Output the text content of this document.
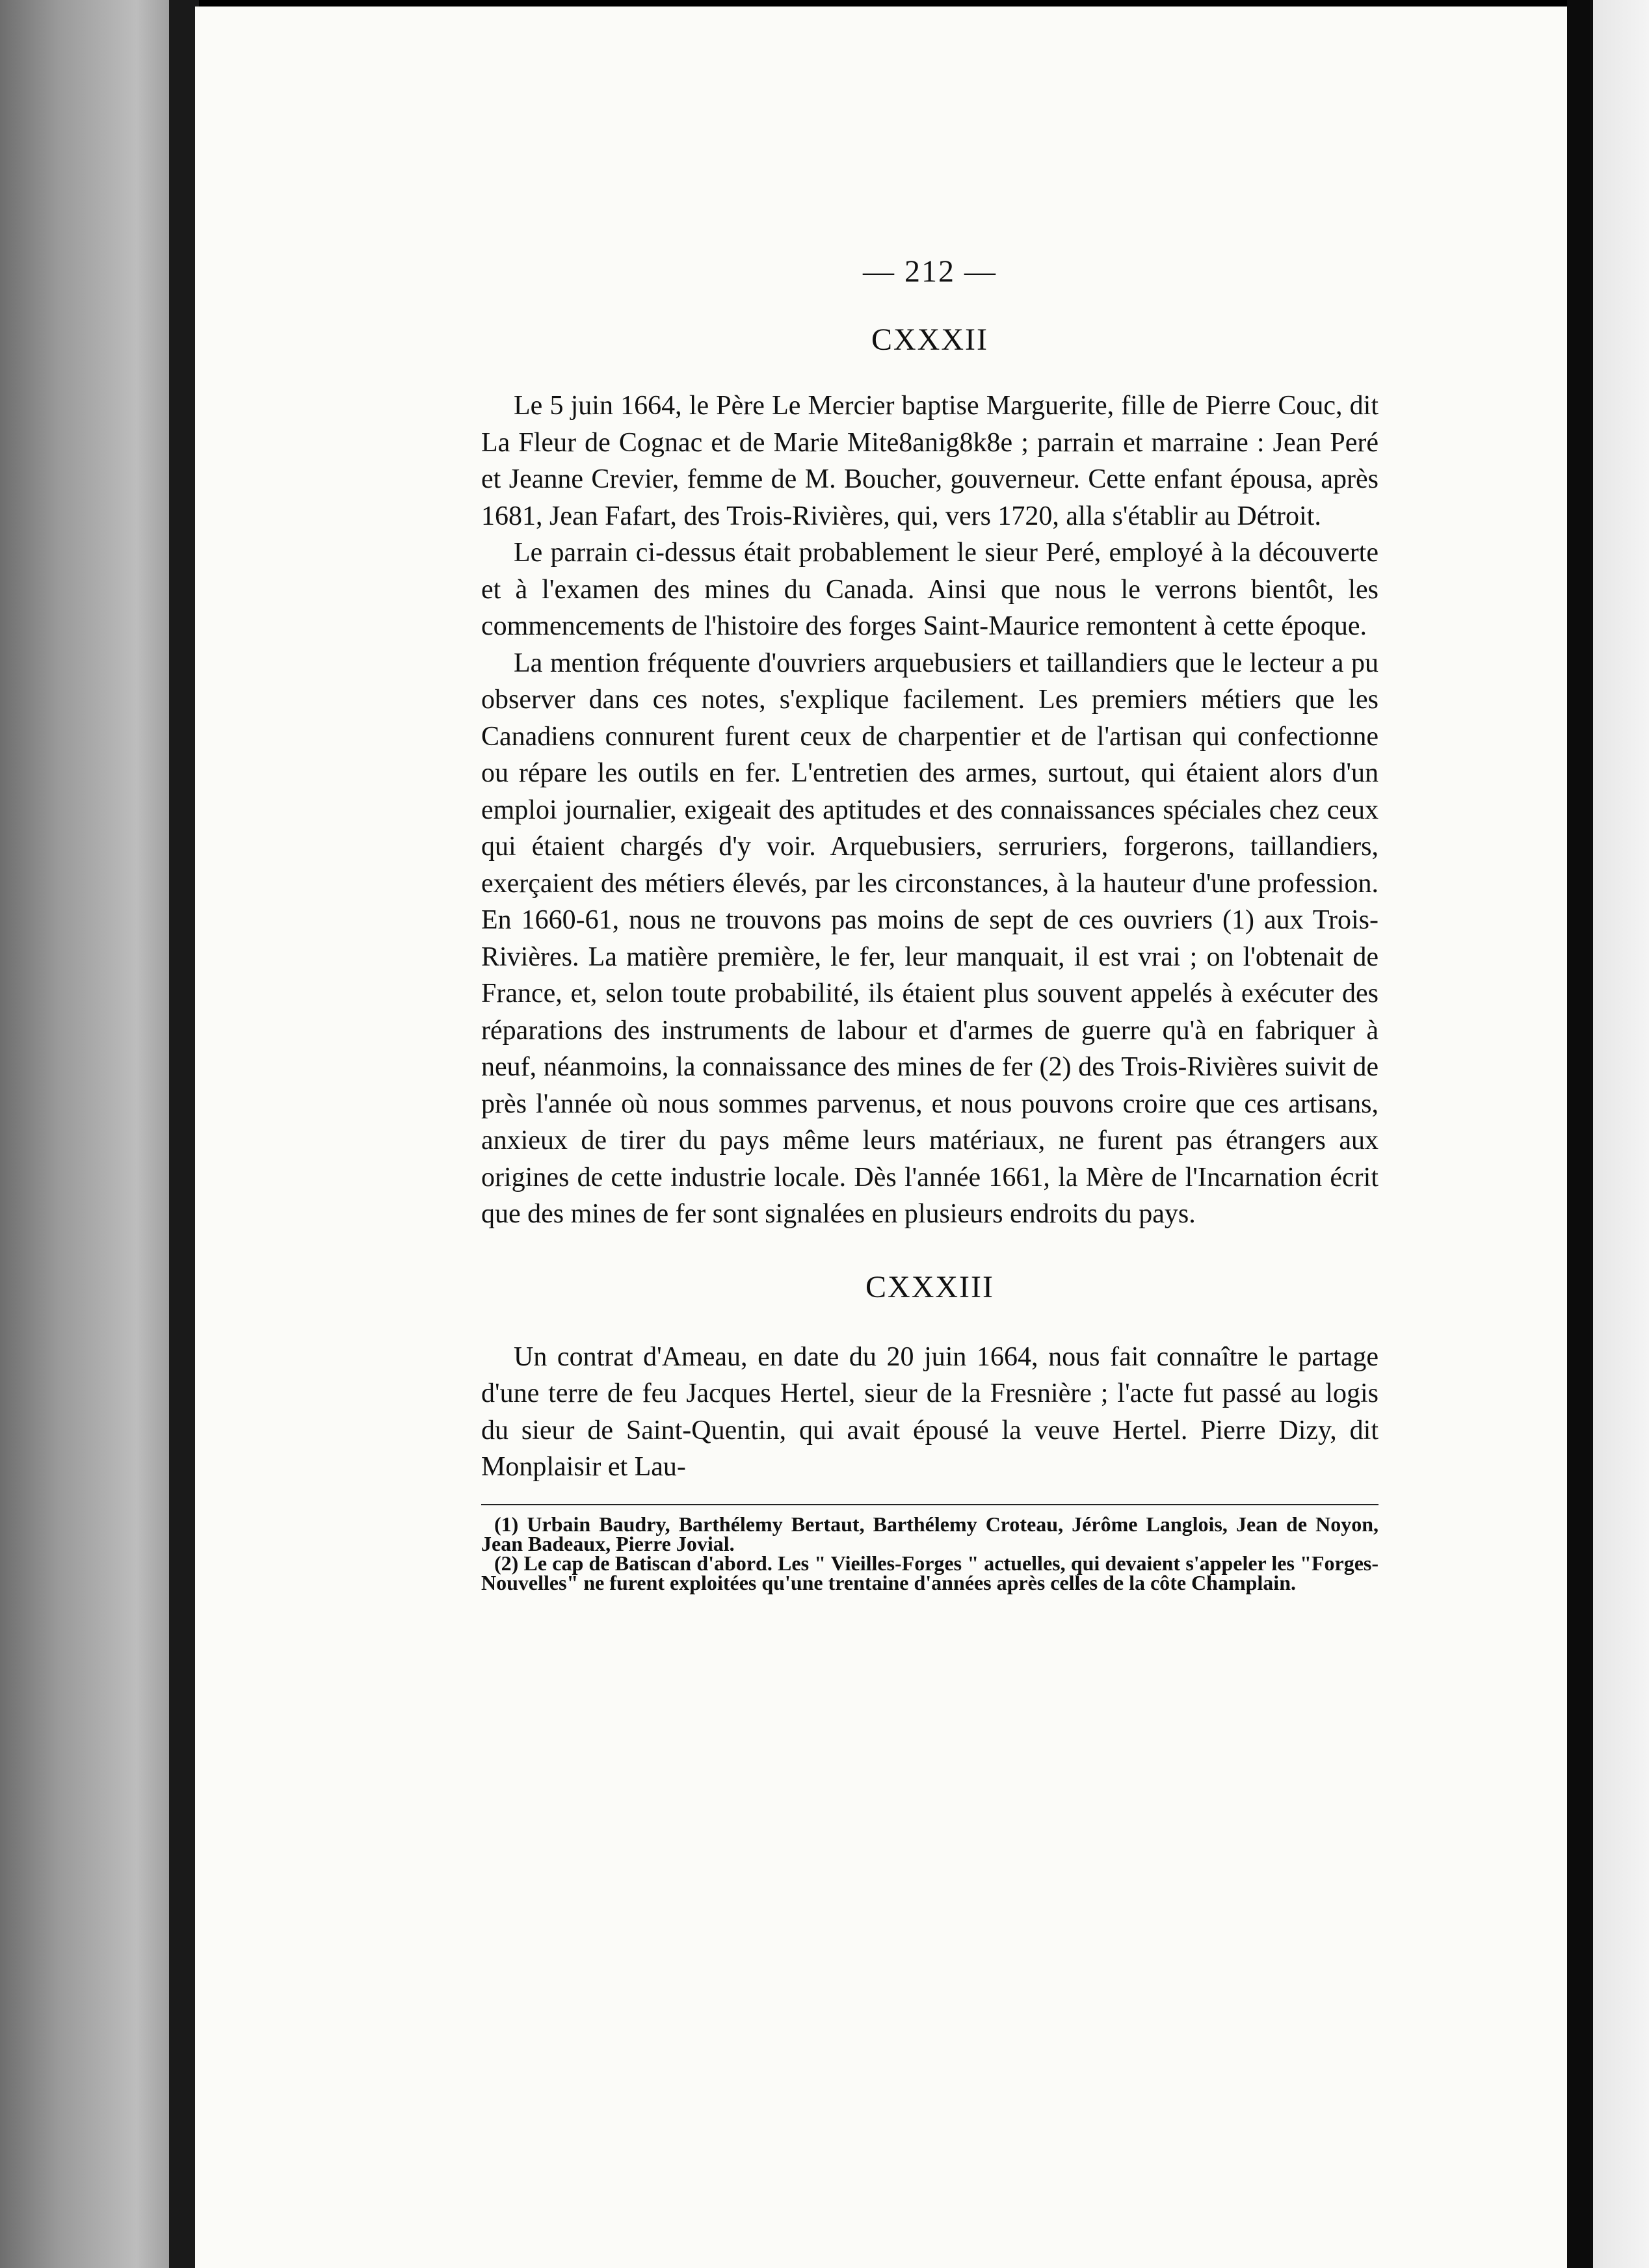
— 212 —
CXXXII

Le 5 juin 1664, le Père Le Mercier baptise Marguerite, fille de Pierre Couc, dit La Fleur de Cognac et de Marie Mite8anig8k8e ; parrain et marraine : Jean Peré et Jeanne Crevier, femme de M. Boucher, gouverneur. Cette enfant épousa, après 1681, Jean Fafart, des Trois-Rivières, qui, vers 1720, alla s'établir au Détroit.

Le parrain ci-dessus était probablement le sieur Peré, employé à la découverte et à l'examen des mines du Canada. Ainsi que nous le verrons bientôt, les commencements de l'histoire des forges Saint-Maurice remontent à cette époque.

La mention fréquente d'ouvriers arquebusiers et taillandiers que le lecteur a pu observer dans ces notes, s'explique facilement. Les premiers métiers que les Canadiens connurent furent ceux de charpentier et de l'artisan qui confectionne ou répare les outils en fer. L'entretien des armes, surtout, qui étaient alors d'un emploi journalier, exigeait des aptitudes et des connaissances spéciales chez ceux qui étaient chargés d'y voir. Arquebusiers, serruriers, forgerons, taillandiers, exerçaient des métiers élevés, par les circonstances, à la hauteur d'une profession. En 1660-61, nous ne trouvons pas moins de sept de ces ouvriers (1) aux Trois-Rivières. La matière première, le fer, leur manquait, il est vrai ; on l'obtenait de France, et, selon toute probabilité, ils étaient plus souvent appelés à exécuter des réparations des instruments de labour et d'armes de guerre qu'à en fabriquer à neuf, néanmoins, la connaissance des mines de fer (2) des Trois-Rivières suivit de près l'année où nous sommes parvenus, et nous pouvons croire que ces artisans, anxieux de tirer du pays même leurs matériaux, ne furent pas étrangers aux origines de cette industrie locale. Dès l'année 1661, la Mère de l'Incarnation écrit que des mines de fer sont signalées en plusieurs endroits du pays.

CXXXIII

Un contrat d'Ameau, en date du 20 juin 1664, nous fait connaître le partage d'une terre de feu Jacques Hertel, sieur de la Fresnière ; l'acte fut passé au logis du sieur de Saint-Quentin, qui avait épousé la veuve Hertel. Pierre Dizy, dit Monplaisir et Lau-

(1) Urbain Baudry, Barthélemy Bertaut, Barthélemy Croteau, Jérôme Langlois, Jean de Noyon, Jean Badeaux, Pierre Jovial.

(2) Le cap de Batiscan d'abord. Les " Vieilles-Forges " actuelles, qui devaient s'appeler les "Forges-Nouvelles" ne furent exploitées qu'une trentaine d'années après celles de la côte Champlain.
